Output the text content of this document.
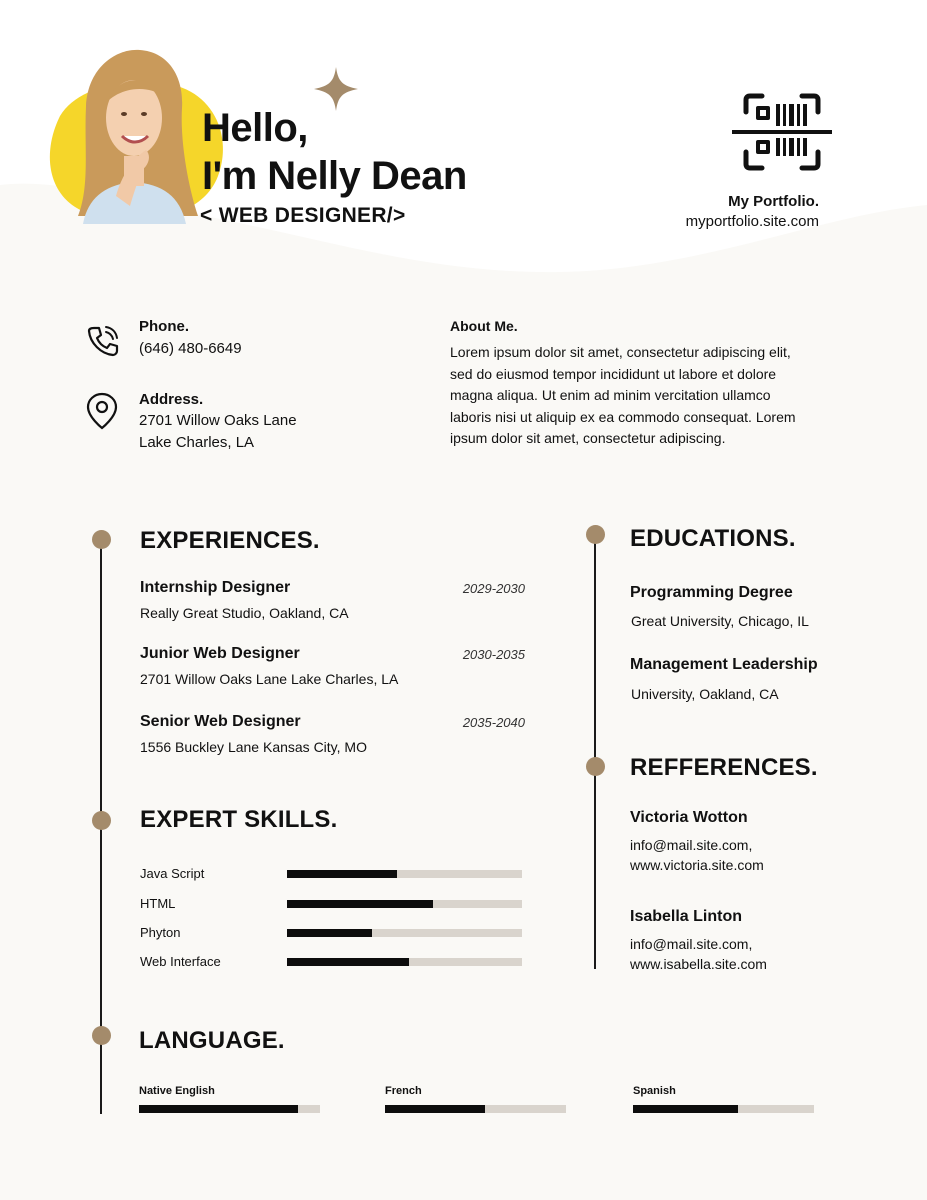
Hello,
I'm Nelly Dean
< WEB DESIGNER/>
My Portfolio.
myportfolio.site.com
Phone.
(646) 480-6649
Address.
2701 Willow Oaks Lane
Lake Charles, LA
About Me.
Lorem ipsum dolor sit amet, consectetur adipiscing elit, sed do eiusmod tempor incididunt ut labore et dolore magna aliqua. Ut enim ad minim vercitation ullamco laboris nisi ut aliquip ex ea commodo consequat. Lorem ipsum dolor sit amet, consectetur adipiscing.
EXPERIENCES.
Internship Designer	2029-2030
Really Great Studio, Oakland, CA
Junior Web Designer	2030-2035
2701 Willow Oaks Lane Lake Charles, LA
Senior Web Designer	2035-2040
1556 Buckley Lane Kansas City, MO
EXPERT SKILLS.
Java Script
HTML
Phyton
Web Interface
LANGUAGE.
Native English	French	Spanish
EDUCATIONS.
Programming Degree
Great University, Chicago, IL
Management Leadership
University, Oakland, CA
REFFERENCES.
Victoria Wotton
info@mail.site.com,
www.victoria.site.com
Isabella Linton
info@mail.site.com,
www.isabella.site.com
